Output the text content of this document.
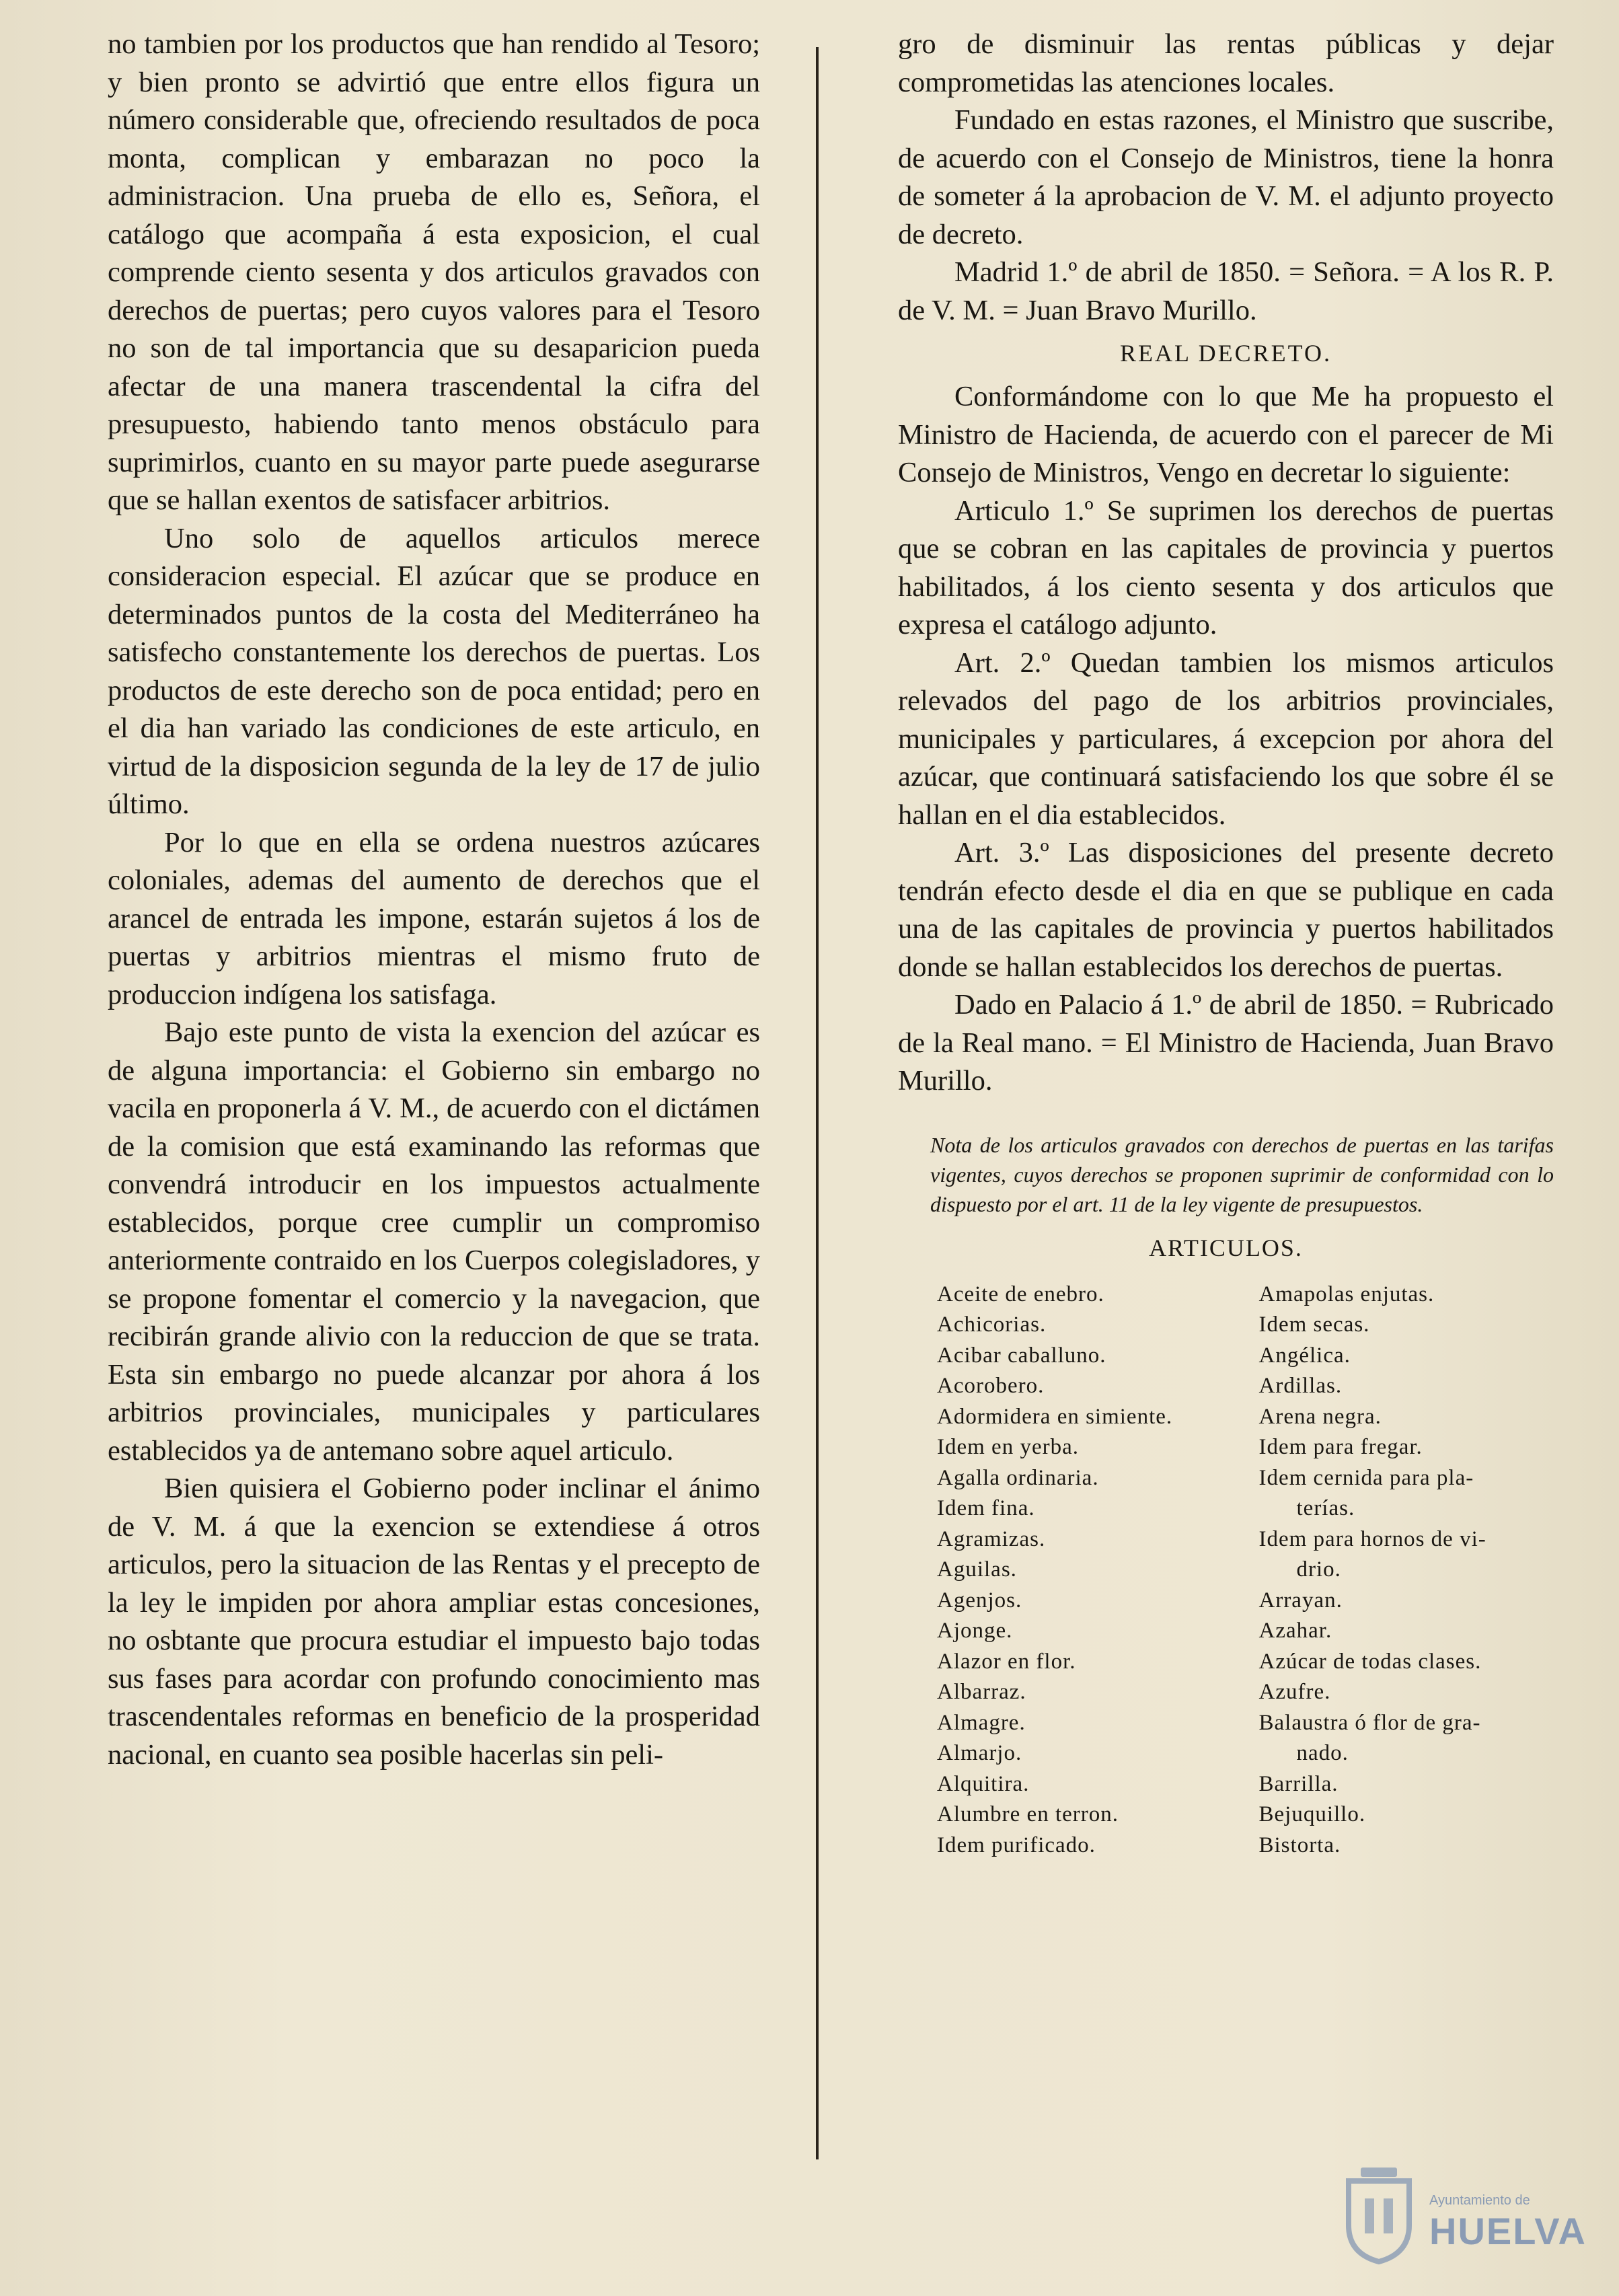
no tambien por los productos que han rendido al Tesoro; y bien pronto se advirtió que entre ellos figura un número considerable que, ofreciendo resultados de poca monta, complican y embarazan no poco la administracion. Una prueba de ello es, Señora, el catálogo que acompaña á esta exposicion, el cual comprende ciento sesenta y dos articulos gravados con derechos de puertas; pero cuyos valores para el Tesoro no son de tal importancia que su desaparicion pueda afectar de una manera trascendental la cifra del presupuesto, habiendo tanto menos obstáculo para suprimirlos, cuanto en su mayor parte puede asegurarse que se hallan exentos de satisfacer arbitrios.

Uno solo de aquellos articulos merece consideracion especial. El azúcar que se produce en determinados puntos de la costa del Mediterráneo ha satisfecho constantemente los derechos de puertas. Los productos de este derecho son de poca entidad; pero en el dia han variado las condiciones de este articulo, en virtud de la disposicion segunda de la ley de 17 de julio último.

Por lo que en ella se ordena nuestros azúcares coloniales, ademas del aumento de derechos que el arancel de entrada les impone, estarán sujetos á los de puertas y arbitrios mientras el mismo fruto de produccion indígena los satisfaga.

Bajo este punto de vista la exencion del azúcar es de alguna importancia: el Gobierno sin embargo no vacila en proponerla á V. M., de acuerdo con el dictámen de la comision que está examinando las reformas que convendrá introducir en los impuestos actualmente establecidos, porque cree cumplir un compromiso anteriormente contraido en los Cuerpos colegisladores, y se propone fomentar el comercio y la navegacion, que recibirán grande alivio con la reduccion de que se trata. Esta sin embargo no puede alcanzar por ahora á los arbitrios provinciales, municipales y particulares establecidos ya de antemano sobre aquel articulo.

Bien quisiera el Gobierno poder inclinar el ánimo de V. M. á que la exencion se extendiese á otros articulos, pero la situacion de las Rentas y el precepto de la ley le impiden por ahora ampliar estas concesiones, no osbtante que procura estudiar el impuesto bajo todas sus fases para acordar con profundo conocimiento mas trascendentales reformas en beneficio de la prosperidad nacional, en cuanto sea posible hacerlas sin peli-

gro de disminuir las rentas públicas y dejar comprometidas las atenciones locales.

Fundado en estas razones, el Ministro que suscribe, de acuerdo con el Consejo de Ministros, tiene la honra de someter á la aprobacion de V. M. el adjunto proyecto de decreto.

Madrid 1.º de abril de 1850. = Señora. = A los R. P. de V. M. = Juan Bravo Murillo.

REAL DECRETO.

Conformándome con lo que Me ha propuesto el Ministro de Hacienda, de acuerdo con el parecer de Mi Consejo de Ministros, Vengo en decretar lo siguiente:

Articulo 1.º Se suprimen los derechos de puertas que se cobran en las capitales de provincia y puertos habilitados, á los ciento sesenta y dos articulos que expresa el catálogo adjunto.

Art. 2.º Quedan tambien los mismos articulos relevados del pago de los arbitrios provinciales, municipales y particulares, á excepcion por ahora del azúcar, que continuará satisfaciendo los que sobre él se hallan en el dia establecidos.

Art. 3.º Las disposiciones del presente decreto tendrán efecto desde el dia en que se publique en cada una de las capitales de provincia y puertos habilitados donde se hallan establecidos los derechos de puertas.

Dado en Palacio á 1.º de abril de 1850. = Rubricado de la Real mano. = El Ministro de Hacienda, Juan Bravo Murillo.

Nota de los articulos gravados con derechos de puertas en las tarifas vigentes, cuyos derechos se proponen suprimir de conformidad con lo dispuesto por el art. 11 de la ley vigente de presupuestos.

ARTICULOS.
Aceite de enebro.
Achicorias.
Acibar caballuno.
Acorobero.
Adormidera en simiente.
Idem en yerba.
Agalla ordinaria.
Idem fina.
Agramizas.
Aguilas.
Agenjos.
Ajonge.
Alazor en flor.
Albarraz.
Almagre.
Almarjo.
Alquitira.
Alumbre en terron.
Idem purificado.
Amapolas enjutas.
Idem secas.
Angélica.
Ardillas.
Arena negra.
Idem para fregar.
Idem cernida para pla-
terías.
Idem para hornos de vi-
drio.
Arrayan.
Azahar.
Azúcar de todas clases.
Azufre.
Balaustra ó flor de gra-
nado.
Barrilla.
Bejuquillo.
Bistorta.
Ayuntamiento de
HUELVA
